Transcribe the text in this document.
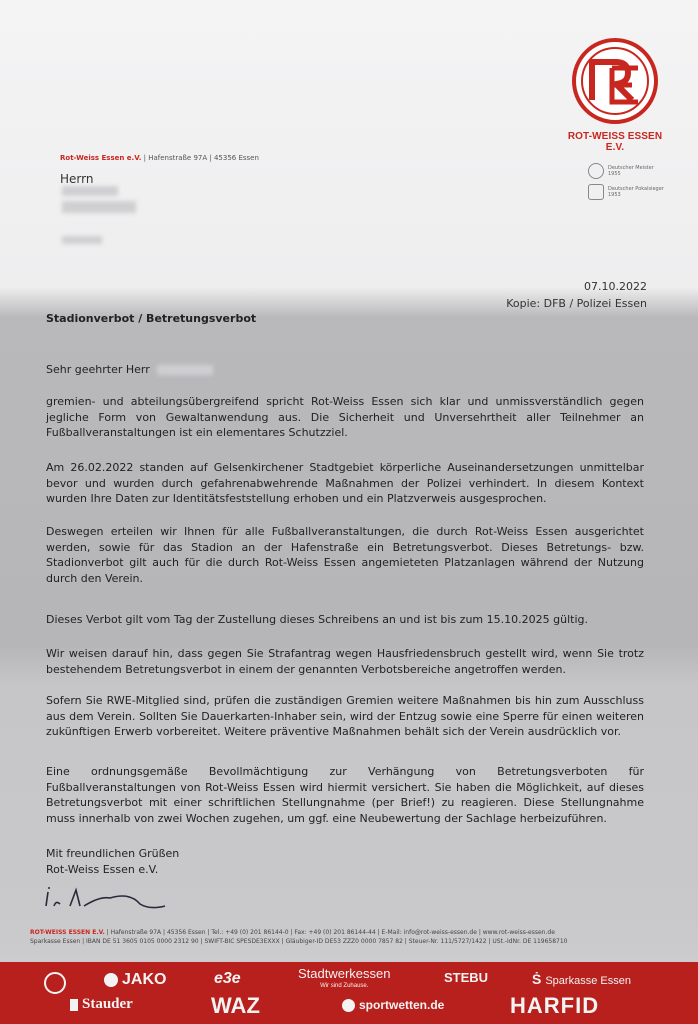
ROT-WEISS ESSEN E.V.
Deutscher Meister 1955
Deutscher Pokalsieger 1953
Rot-Weiss Essen e.V. | Hafenstraße 97A | 45356 Essen
Herrn
07.10.2022
Kopie: DFB / Polizei Essen
Stadionverbot / Betretungsverbot
Sehr geehrter Herr

gremien- und abteilungsübergreifend spricht Rot-Weiss Essen sich klar und unmissverständlich gegen jegliche Form von Gewaltanwendung aus. Die Sicherheit und Unversehrtheit aller Teilnehmer an Fußballveranstaltungen ist ein elementares Schutzziel.

Am 26.02.2022 standen auf Gelsenkirchener Stadtgebiet körperliche Auseinandersetzungen unmittelbar bevor und wurden durch gefahrenabwehrende Maßnahmen der Polizei verhindert. In diesem Kontext wurden Ihre Daten zur Identitätsfeststellung erhoben und ein Platzverweis ausgesprochen.

Deswegen erteilen wir Ihnen für alle Fußballveranstaltungen, die durch Rot-Weiss Essen ausgerichtet werden, sowie für das Stadion an der Hafenstraße ein Betretungsverbot. Dieses Betretungs- bzw. Stadionverbot gilt auch für die durch Rot-Weiss Essen angemieteten Platzanlagen während der Nutzung durch den Verein.

Dieses Verbot gilt vom Tag der Zustellung dieses Schreibens an und ist bis zum 15.10.2025 gültig.

Wir weisen darauf hin, dass gegen Sie Strafantrag wegen Hausfriedensbruch gestellt wird, wenn Sie trotz bestehendem Betretungsverbot in einem der genannten Verbotsbereiche angetroffen werden.

Sofern Sie RWE-Mitglied sind, prüfen die zuständigen Gremien weitere Maßnahmen bis hin zum Ausschluss aus dem Verein. Sollten Sie Dauerkarten-Inhaber sein, wird der Entzug sowie eine Sperre für einen weiteren zukünftigen Erwerb vorbereitet. Weitere präventive Maßnahmen behält sich der Verein ausdrücklich vor.

Eine ordnungsgemäße Bevollmächtigung zur Verhängung von Betretungsverboten für Fußballveranstaltungen von Rot-Weiss Essen wird hiermit versichert. Sie haben die Möglichkeit, auf dieses Betretungsverbot mit einer schriftlichen Stellungnahme (per Brief!) zu reagieren. Diese Stellungnahme muss innerhalb von zwei Wochen zugehen, um ggf. eine Neubewertung der Sachlage herbeizuführen.

Mit freundlichen Grüßen
Rot-Weiss Essen e.V.
ROT-WEISS ESSEN E.V. | Hafenstraße 97A | 45356 Essen | Tel.: +49 (0) 201 86144-0 | Fax: +49 (0) 201 86144-44 | E-Mail: info@rot-weiss-essen.de | www.rot-weiss-essen.de
Sparkasse Essen | IBAN DE 51 3605 0105 0000 2312 90 | SWIFT-BIC SPESDE3EXXX | Gläubiger-ID DE53 ZZZ0 0000 7857 82 | Steuer-Nr. 111/5727/1422 | USt.-IdNr. DE 119658710
JAKO	e3e	Stadtwerkessen
Wir sind Zuhause.
STEBU	Ṡ Sparkasse Essen
Stauder	WAZ	sportwetten.de	HARFID
